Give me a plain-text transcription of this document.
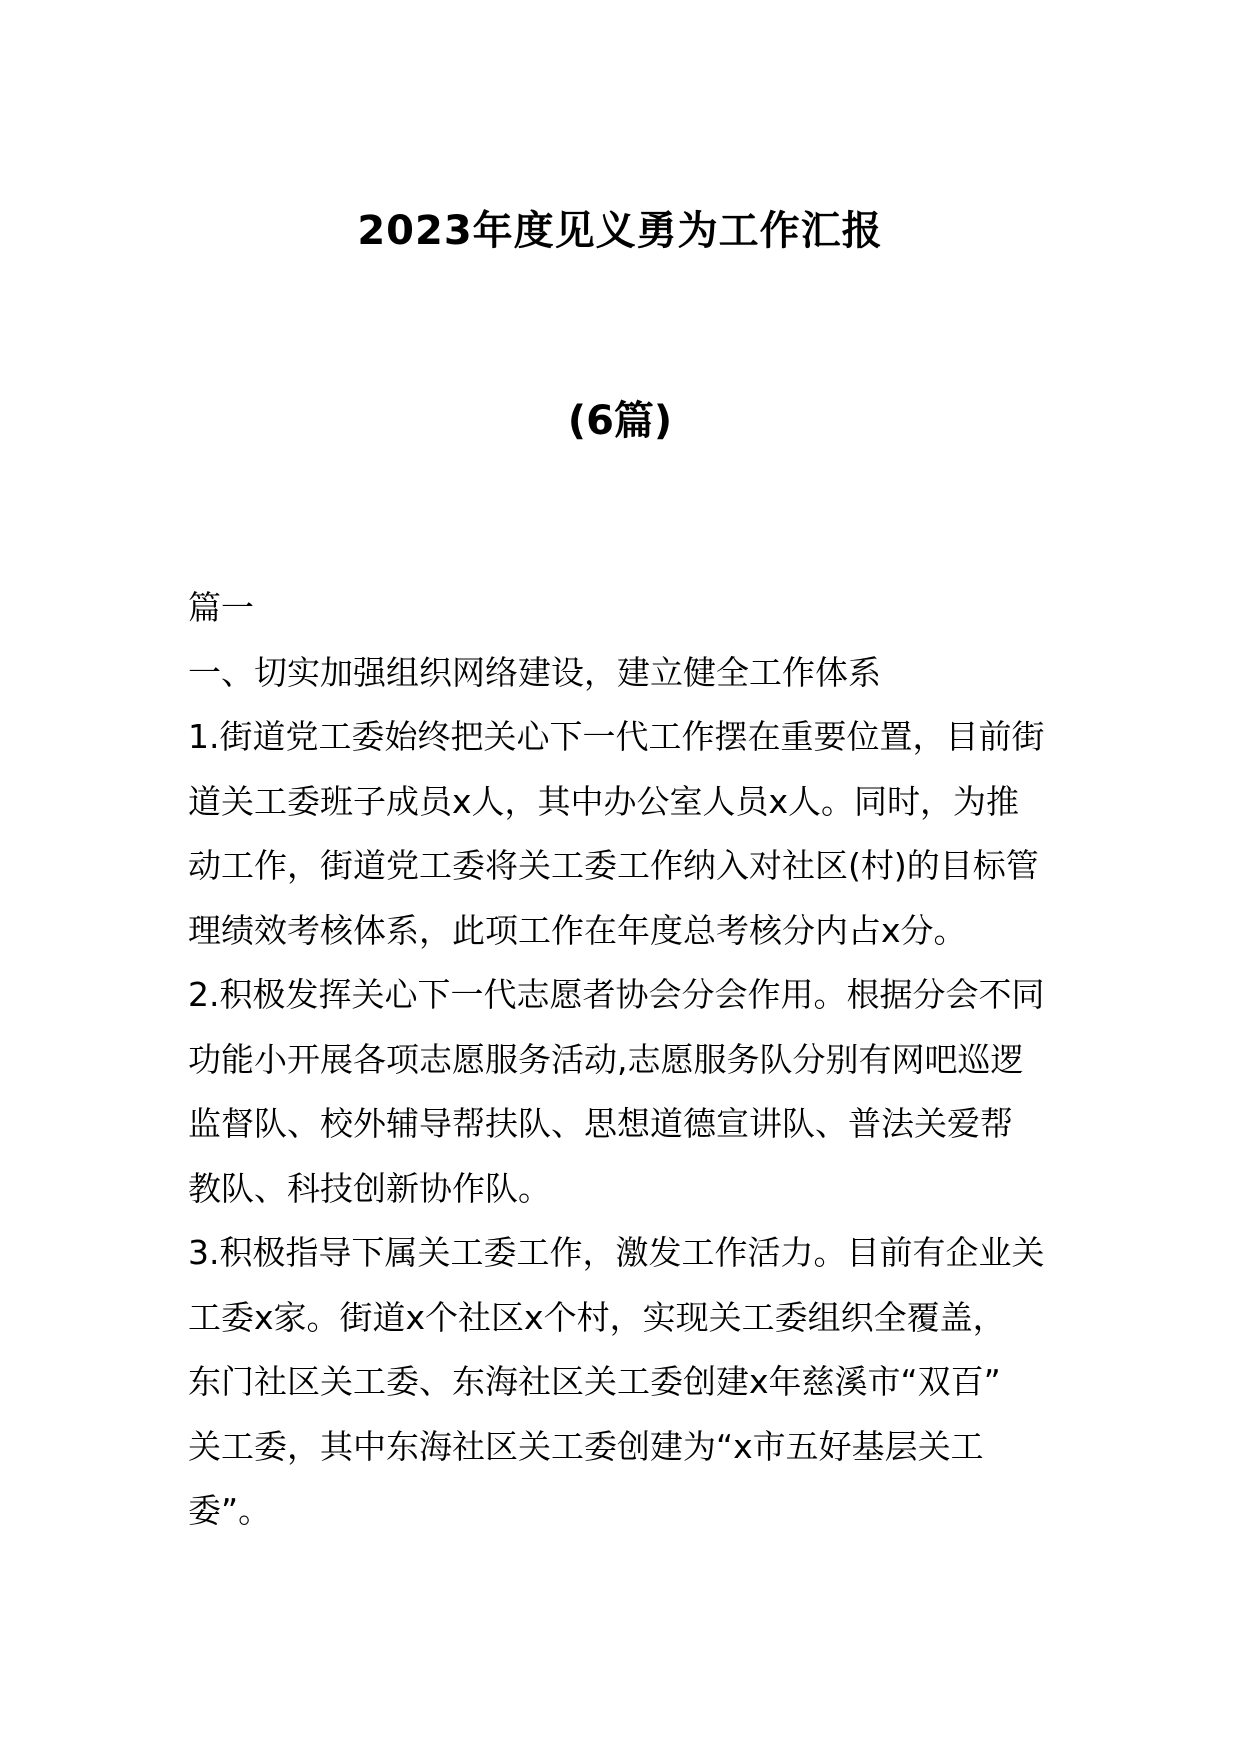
2023年度见义勇为工作汇报
(6篇)
篇一
一、切实加强组织网络建设，建立健全工作体系
1.街道党工委始终把关心下一代工作摆在重要位置，目前街
道关工委班子成员x人，其中办公室人员x人。同时，为推
动工作，街道党工委将关工委工作纳入对社区(村)的目标管
理绩效考核体系，此项工作在年度总考核分内占x分。
2.积极发挥关心下一代志愿者协会分会作用。根据分会不同
功能小开展各项志愿服务活动,志愿服务队分别有网吧巡逻
监督队、校外辅导帮扶队、思想道德宣讲队、普法关爱帮
教队、科技创新协作队。
3.积极指导下属关工委工作，激发工作活力。目前有企业关
工委x家。街道x个社区x个村，实现关工委组织全覆盖，
东门社区关工委、东海社区关工委创建x年慈溪市“双百”
关工委，其中东海社区关工委创建为“x市五好基层关工
委”。
